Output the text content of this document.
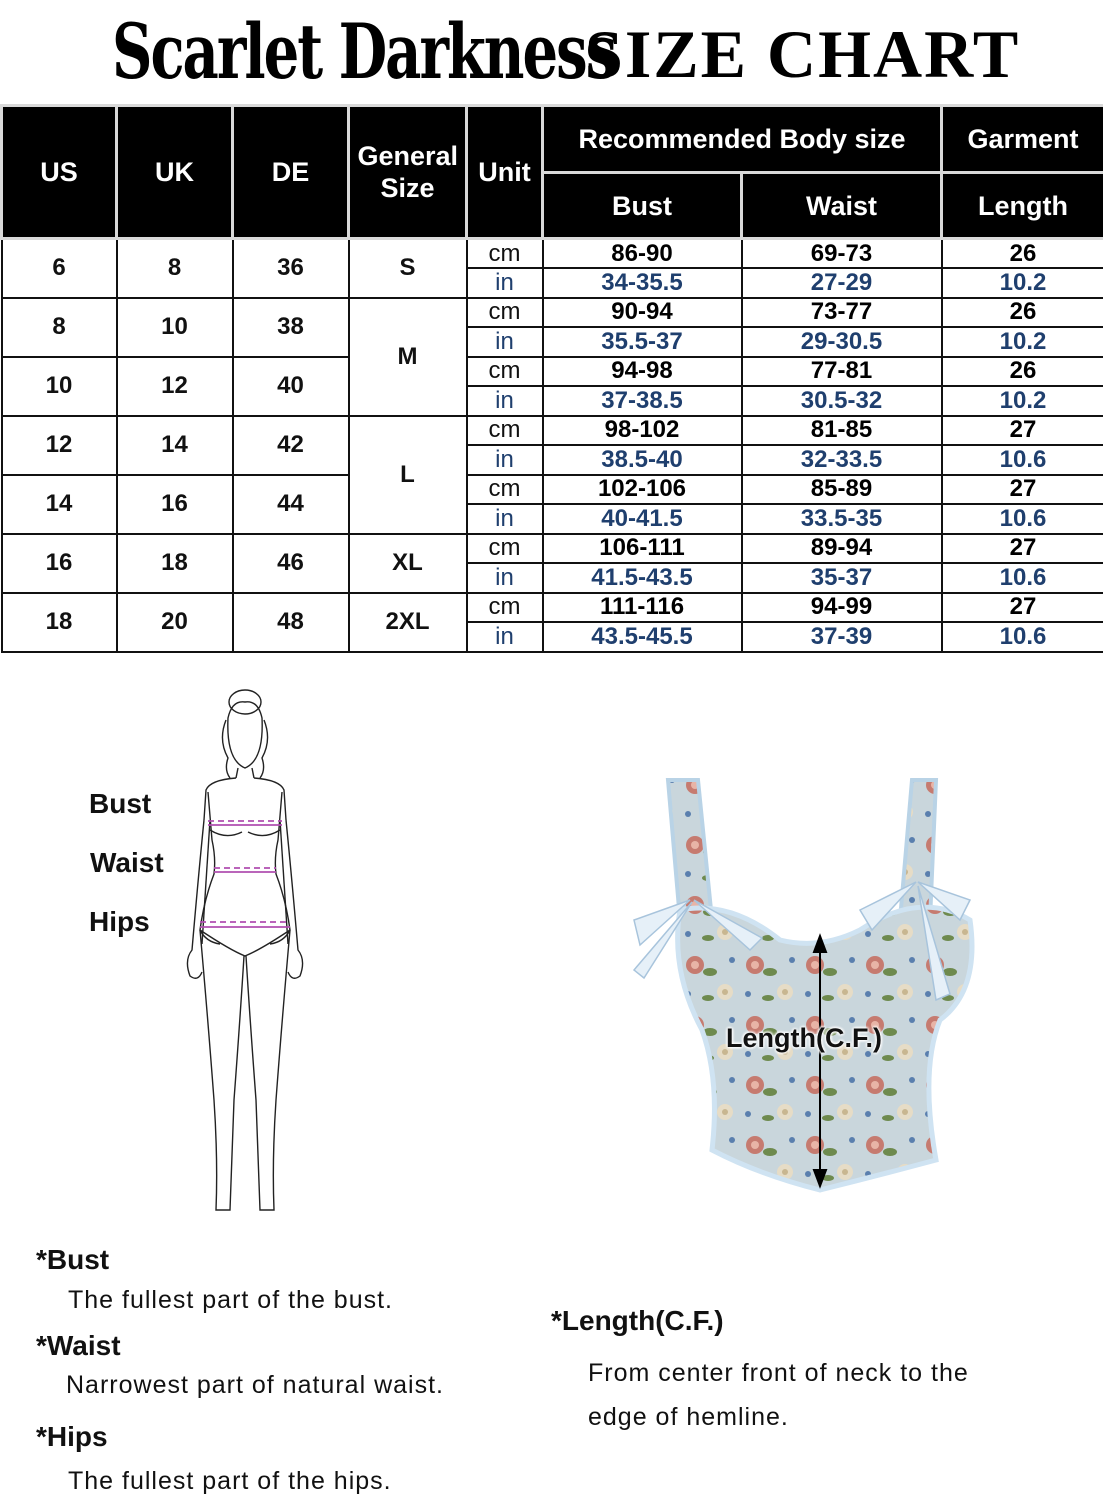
Scarlet Darkness
SIZE CHART
US	UK	DE	General Size	Unit	Recommended Body size		Garment
					Bust	Waist	Length
6	8	36	S	cm	86-90	69-73	26
				in	34-35.5	27-29	10.2
8	10	38	M	cm	90-94	73-77	26
				in	35.5-37	29-30.5	10.2
10	12	40		cm	94-98	77-81	26
				in	37-38.5	30.5-32	10.2
12	14	42	L	cm	98-102	81-85	27
				in	38.5-40	32-33.5	10.6
14	16	44		cm	102-106	85-89	27
				in	40-41.5	33.5-35	10.6
16	18	46	XL	cm	106-111	89-94	27
				in	41.5-43.5	35-37	10.6
18	20	48	2XL	cm	111-116	94-99	27
				in	43.5-45.5	37-39	10.6
Bust
Waist
Hips
Length(C.F.)
*Bust
The fullest part of the bust.
*Waist
Narrowest part of natural waist.
*Hips
The fullest part of the hips.
*Length(C.F.)
From center front of neck to the
edge of hemline.
